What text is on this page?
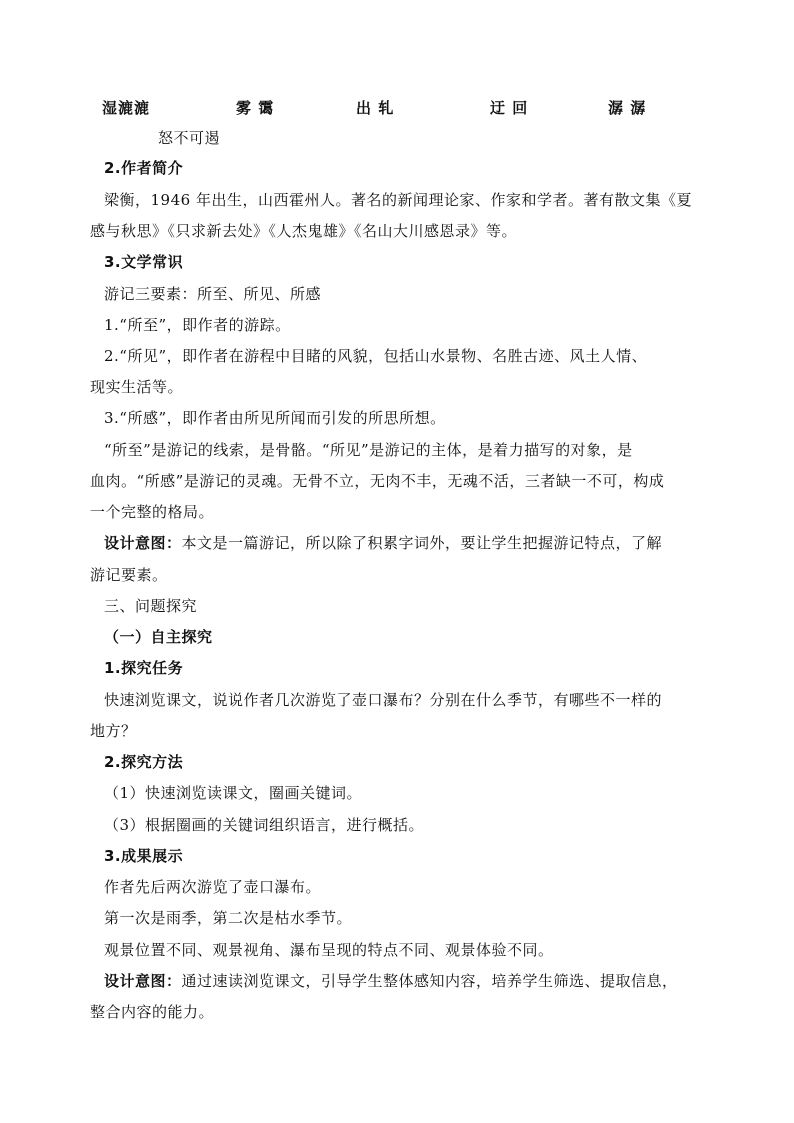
湿漉漉	雾 霭	出 轧	迂 回	潺 潺
怒不可遏
2.作者简介
梁衡，1946 年出生，山西霍州人。著名的新闻理论家、作家和学者。著有散文集《夏
感与秋思》《只求新去处》《人杰鬼雄》《名山大川感恩录》等。
3.文学常识
游记三要素：所至、所见、所感
1.“所至”，即作者的游踪。
2.“所见”，即作者在游程中目睹的风貌，包括山水景物、名胜古迹、风土人情、
现实生活等。
3.“所感”，即作者由所见所闻而引发的所思所想。
“所至”是游记的线索，是骨骼。“所见”是游记的主体，是着力描写的对象，是
血肉。“所感”是游记的灵魂。无骨不立，无肉不丰，无魂不活，三者缺一不可，构成
一个完整的格局。
设计意图：本文是一篇游记，所以除了积累字词外，要让学生把握游记特点，了解
游记要素。
三、问题探究
（一）自主探究
1.探究任务
快速浏览课文，说说作者几次游览了壶口瀑布？分别在什么季节，有哪些不一样的
地方？
2.探究方法
（1）快速浏览读课文，圈画关键词。
（3）根据圈画的关键词组织语言，进行概括。
3.成果展示
作者先后两次游览了壶口瀑布。
第一次是雨季，第二次是枯水季节。
观景位置不同、观景视角、瀑布呈现的特点不同、观景体验不同。
设计意图：通过速读浏览课文，引导学生整体感知内容，培养学生筛选、提取信息，
整合内容的能力。
